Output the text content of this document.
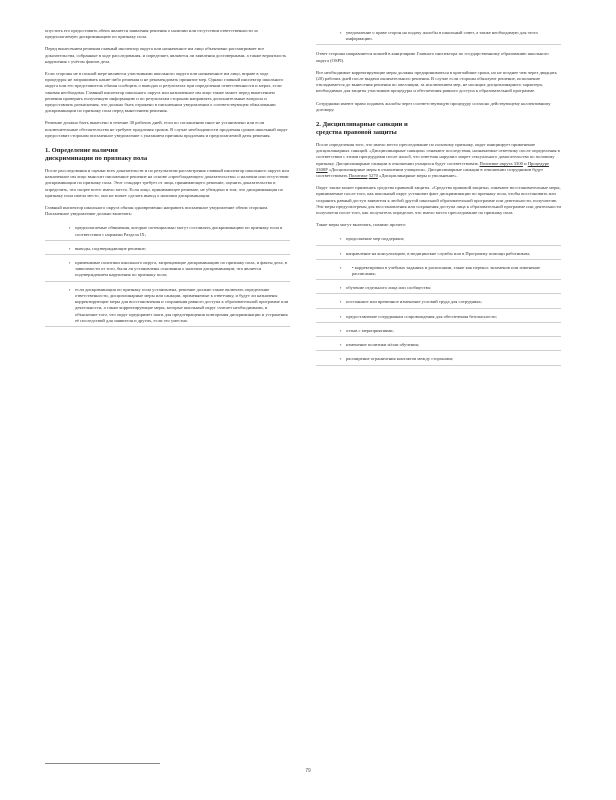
опустить его предоставить обеих является заявления решения о наличии или отсутствии ответственности за предполагаемую дискриминацию по признаку пола.

Перед вынесением решения главный инспектор округа или назначенное им лицо объективно рассматривает все доказательства, собранные в ходе расследования, и определяет, являются ли заявления достоверными, а также вероятность нарушения с учётом фактов дела.

Если стороны не в полной мере являются участниками школьного округа или назначенное им лицо, вправе в ходе процедуры не запрашивать какие-либо решения и не рекомендовать принятие мер. Однако главный инспектор школьного округа или его представитель обязан сообщить о выводах и результатах при определении ответственности и мерах, если таковая необходима. Главный инспектор школьного округа или назначенное им лицо также может перед вынесением решения проверять полученную информацию и по результатам сторонам направлять дополнительные вопросы и предоставлять разъяснения, что должно быть отражено в письменном уведомлении о соответствующем обжаловании дискриминации по признаку пола перед вынесением решения.

Решение должно быть вынесено в течение 30 рабочих дней, если по соглашению иное не установлено или если исключительные обстоятельства не требуют продления сроков. В случае необходимости продления сроков школьный округ предоставит сторонам письменное уведомление с указанием причины продления и предполагаемой даты решения.

1. Определение наличия
дискриминации по признаку пола

После расследования и оценки всех доказательств и по результатам рассмотрения главный инспектор школьного округа или назначенное им лицо выносит письменное решение на основе «преобладающего доказательства» о наличии или отсутствии дискриминации по признаку пола. Этот стандарт требует от лица, принимающего решение, оценить доказательства и определить, что скорее всего имело место. Если лицо, принимающее решение, не убеждено в том, что дискриминация по признаку пола имела место, оно не может сделать вывод о наличии дискриминации.

Главный инспектор школьного округа обязан одновременно направить письменное уведомление обеим сторонам. Письменное уведомление должно включать:

▪ предполагаемые обвинения, которые потенциально могут составлять дискриминацию по признаку пола в соответствии с нормами Раздела IX;
▪ выводы, подтверждающие решение;
▪ применимые политики школьного округа, запрещающие дискриминацию по признаку пола, и факты дела, в зависимости от того, были ли установлены основания о наличии дискриминации, что является подтверждением нарушения по признаку пола;
▪ если дискриминация по признаку пола установлена, решение должно также включать определение ответственности, дисциплинарные меры или санкции, применяемые к ответчику, и будут ли назначены корректирующие меры для восстановления и сохранения равного доступа к образовательной программе или деятельности, а также корректирующие меры, которые школьный округ считает необходимыми, и объяснение того, что округ предпримет шаги для предотвращения повторения дискриминации и устранения её последствий для заявителя и других, если это уместно.
▪ уведомление о праве сторон на подачу жалобы в школьный совет, а также необходимую для этого информацию.

Ответ стороны направляется копией в канцелярию Главного инспектора по государственному образованию школьного округа (OSPI).

Все необходимые корректирующие меры должны предприниматься в кратчайшие сроки, но не позднее чем через двадцать (20) рабочих дней после выдачи окончательного решения. В случае если стороны обжалуют решение, исполнение откладывается до вынесения решения по апелляции, за исключением мер, не носящих дисциплинарного характера, необходимых для защиты участников процедуры и обеспечения равного доступа к образовательной программе.

Сотрудники имеют право подавать жалобы через соответствующую процедуру согласно действующему коллективному договору.

2. Дисциплинарные санкции и
средства правовой защиты

После определения того, что имело место преследование по половому признаку, округ инициирует применение дисциплинарных санкций. «Дисциплинарные санкции» означают последствия, назначаемые ответчику после определения в соответствии с этими процедурами после жалоб, что ответчик нарушил запрет сексуального домогательства по половому признаку. Дисциплинарные санкции в отношении учащихся будут соответствовать Политике округа 3300 и Процедуре 3300P «Дисциплинарные меры в отношении учащихся». Дисциплинарные санкции в отношении сотрудников будут соответствовать Политике 5270 «Дисциплинарные меры и увольнение».

Округ также может применять средства правовой защиты. «Средства правовой защиты» означают восстановительные меры, принимаемые после того, как школьный округ установит факт дискриминации по признаку пола, чтобы восстановить или сохранить равный доступ заявителя к любой другой школьной образовательной программе или деятельности, получателю. Эти меры предусмотрены для восстановления или сохранения доступа лица к образовательной программе или деятельности получателя после того, как получатель определит, что имело место преследование по признаку пола.

Такие меры могут включать, помимо прочего:

▪ продолжение мер поддержки;
▪ направление на консультацию, в медицинские службы или в Программу помощи работникам;
▪ • корректировки в учебных заданиях и расписании, такие как перенос экзаменов или изменение расписания;
▪ обучение отдельного лица или сообщества;
▪ постоянное или временное изменение условий труда для сотрудника;
▪ предоставление сотрудникам сопровождения для обеспечения безопасности;
▪ отзыв с мероприятиями;
▪ изменение политики и/или обучения;
▪ расширение ограничения контактов между сторонами;
79
